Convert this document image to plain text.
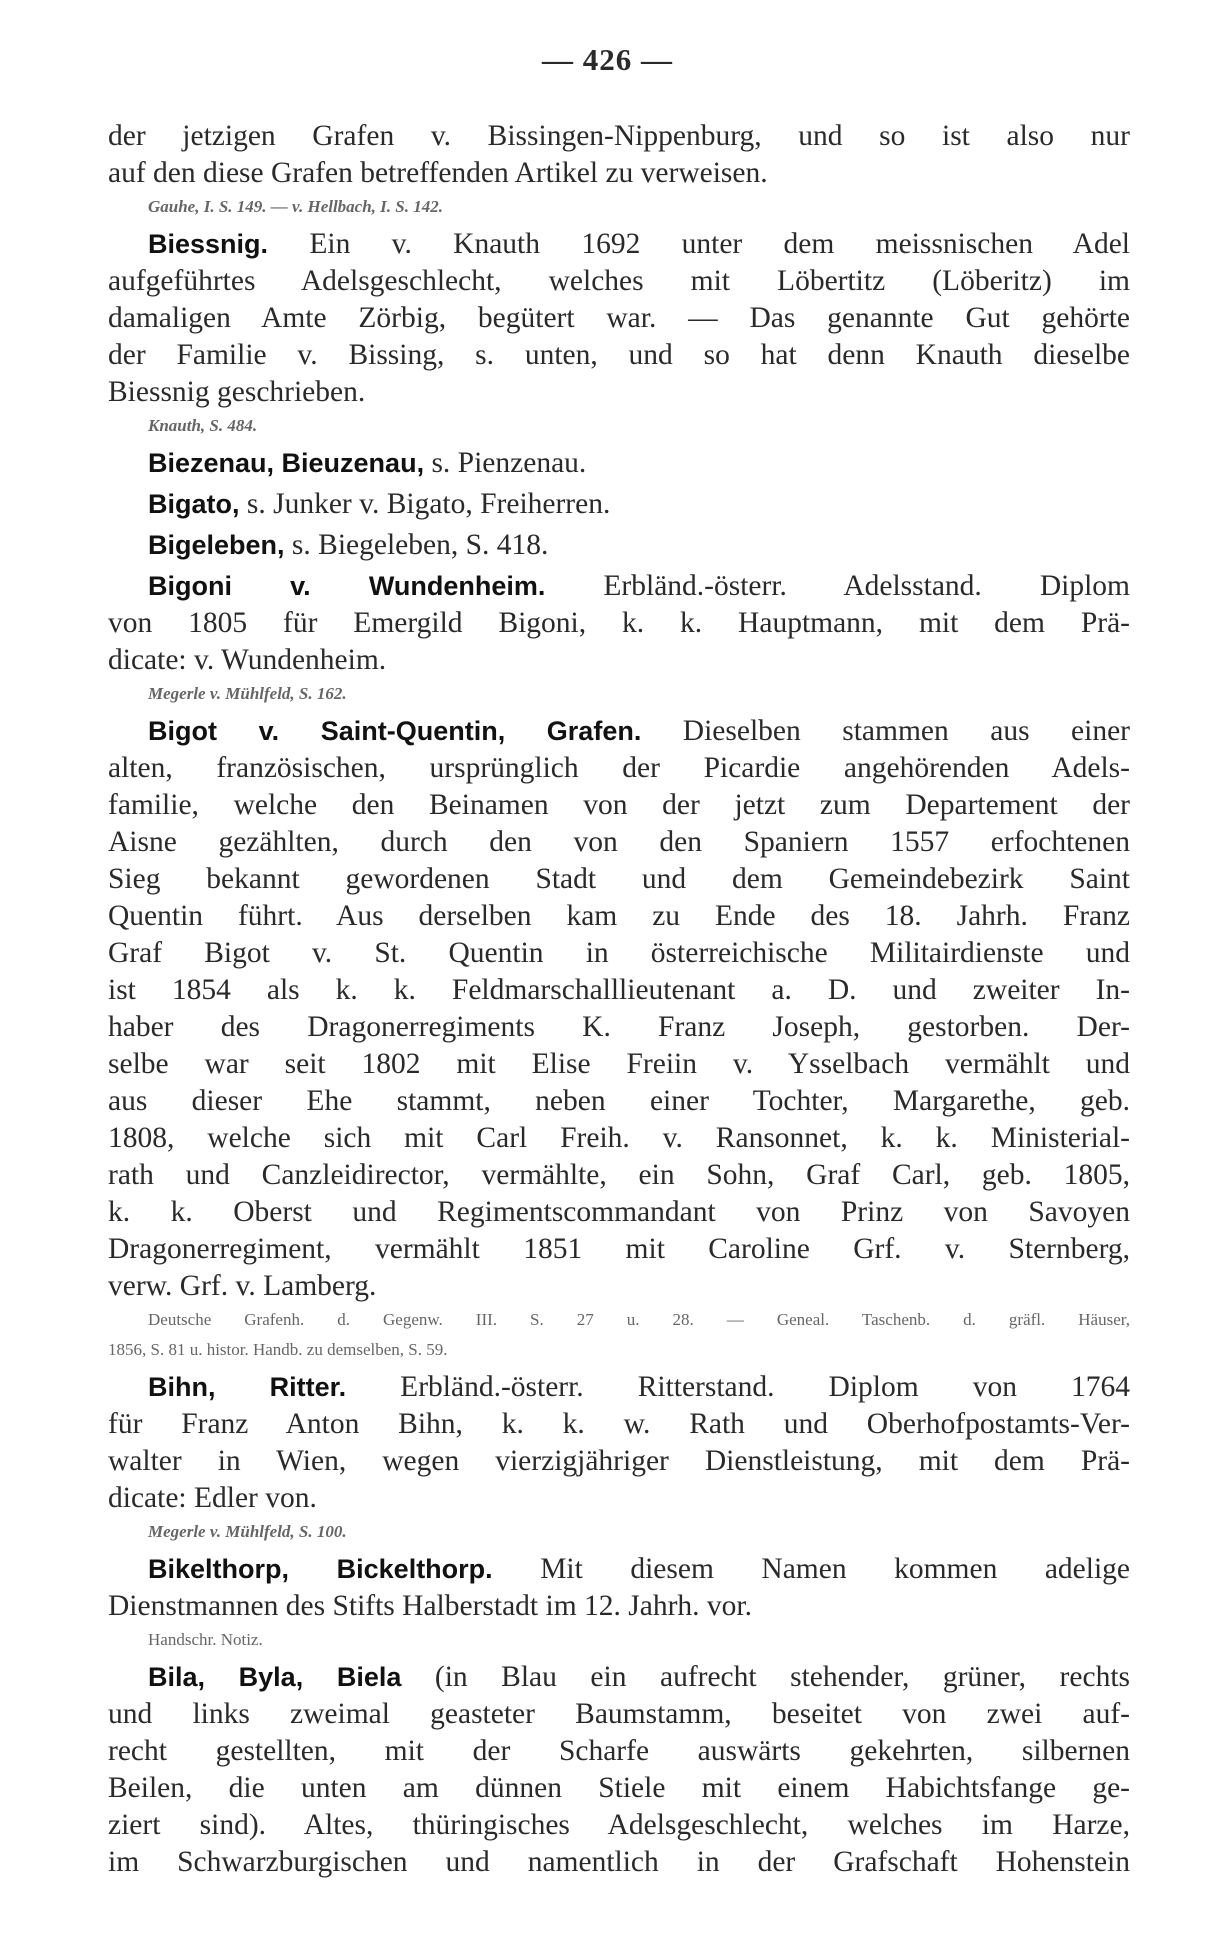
— 426 —
der jetzigen Grafen v. Bissingen-Nippenburg, und so ist also nur
auf den diese Grafen betreffenden Artikel zu verweisen.
Gauhe, I. S. 149. — v. Hellbach, I. S. 142.
Biessnig. Ein v. Knauth 1692 unter dem meissnischen Adel
aufgeführtes Adelsgeschlecht, welches mit Löbertitz (Löberitz) im
damaligen Amte Zörbig, begütert war. — Das genannte Gut gehörte
der Familie v. Bissing, s. unten, und so hat denn Knauth dieselbe
Biessnig geschrieben.
Knauth, S. 484.
Biezenau, Bieuzenau, s. Pienzenau.
Bigato, s. Junker v. Bigato, Freiherren.
Bigeleben, s. Biegeleben, S. 418.
Bigoni v. Wundenheim. Erbländ.-österr. Adelsstand. Diplom
von 1805 für Emergild Bigoni, k. k. Hauptmann, mit dem Prä-
dicate: v. Wundenheim.
Megerle v. Mühlfeld, S. 162.
Bigot v. Saint-Quentin, Grafen. Dieselben stammen aus einer
alten, französischen, ursprünglich der Picardie angehörenden Adels-
familie, welche den Beinamen von der jetzt zum Departement der
Aisne gezählten, durch den von den Spaniern 1557 erfochtenen
Sieg bekannt gewordenen Stadt und dem Gemeindebezirk Saint
Quentin führt. Aus derselben kam zu Ende des 18. Jahrh. Franz
Graf Bigot v. St. Quentin in österreichische Militairdienste und
ist 1854 als k. k. Feldmarschalllieutenant a. D. und zweiter In-
haber des Dragonerregiments K. Franz Joseph, gestorben. Der-
selbe war seit 1802 mit Elise Freiin v. Ysselbach vermählt und
aus dieser Ehe stammt, neben einer Tochter, Margarethe, geb.
1808, welche sich mit Carl Freih. v. Ransonnet, k. k. Ministerial-
rath und Canzleidirector, vermählte, ein Sohn, Graf Carl, geb. 1805,
k. k. Oberst und Regimentscommandant von Prinz von Savoyen
Dragonerregiment, vermählt 1851 mit Caroline Grf. v. Sternberg,
verw. Grf. v. Lamberg.
Deutsche Grafenh. d. Gegenw. III. S. 27 u. 28. — Geneal. Taschenb. d. gräfl. Häuser,
1856, S. 81 u. histor. Handb. zu demselben, S. 59.
Bihn, Ritter. Erbländ.-österr. Ritterstand. Diplom von 1764
für Franz Anton Bihn, k. k. w. Rath und Oberhofpostamts-Ver-
walter in Wien, wegen vierzigjähriger Dienstleistung, mit dem Prä-
dicate: Edler von.
Megerle v. Mühlfeld, S. 100.
Bikelthorp, Bickelthorp. Mit diesem Namen kommen adelige
Dienstmannen des Stifts Halberstadt im 12. Jahrh. vor.
Handschr. Notiz.
Bila, Byla, Biela (in Blau ein aufrecht stehender, grüner, rechts
und links zweimal geasteter Baumstamm, beseitet von zwei auf-
recht gestellten, mit der Scharfe auswärts gekehrten, silbernen
Beilen, die unten am dünnen Stiele mit einem Habichtsfange ge-
ziert sind). Altes, thüringisches Adelsgeschlecht, welches im Harze,
im Schwarzburgischen und namentlich in der Grafschaft Hohenstein
